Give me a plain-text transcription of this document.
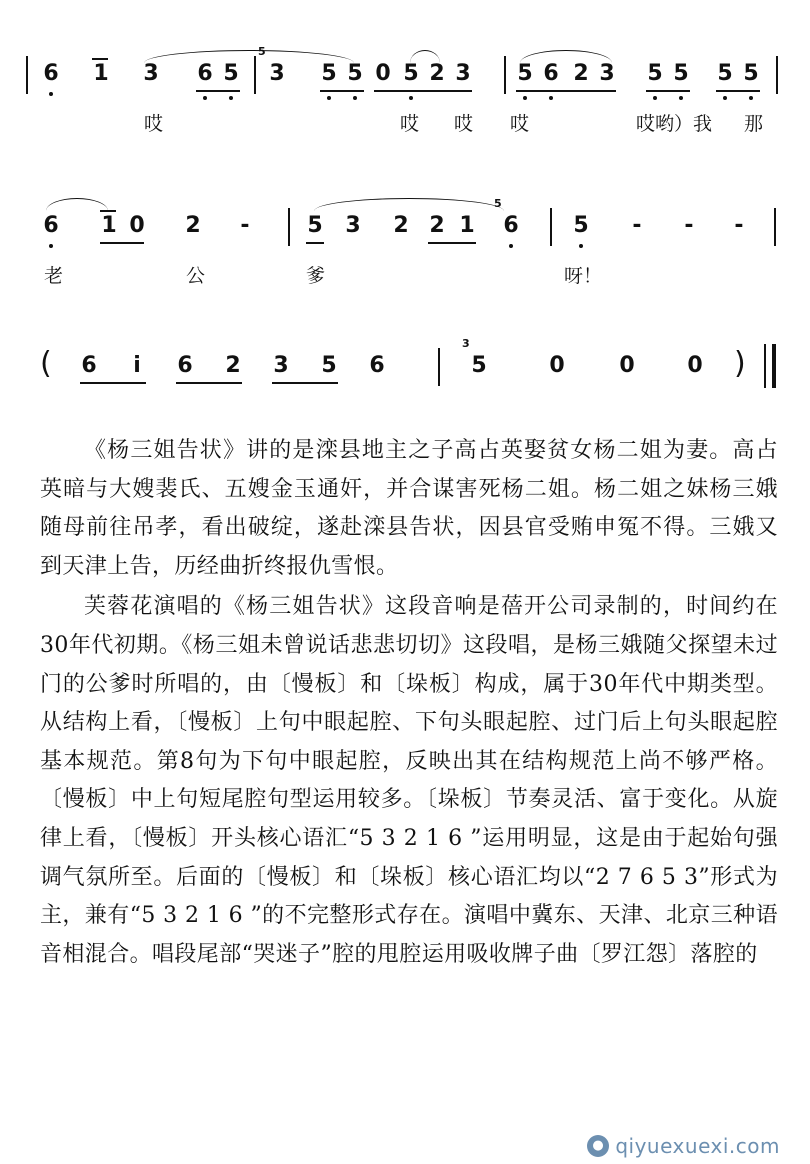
6 1 3 6 5
5
3 5 5 0 5 2 3 5 6 2 3 5 5 5 5
哎	哎 哎 哎	哎哟）我 那
6 1 0 2 -	5 3 2 2 1
5
6 5 - - -
老	公	爹	呀！
( 6 i 6 2 3 5 6
3
5	0 0 0 )

《杨三姐告状》讲的是滦县地主之子高占英娶贫女杨二姐为妻。高占英暗与大嫂裴氏、五嫂金玉通奸，并合谋害死杨二姐。杨二姐之妹杨三娥随母前往吊孝，看出破绽，遂赴滦县告状，因县官受贿申冤不得。三娥又到天津上告，历经曲折终报仇雪恨。

芙蓉花演唱的《杨三姐告状》这段音响是蓓开公司录制的，时间约在30年代初期。《杨三姐未曾说话悲悲切切》这段唱，是杨三娥随父探望未过门的公爹时所唱的，由〔慢板〕和〔垛板〕构成，属于30年代中期类型。从结构上看，〔慢板〕上句中眼起腔、下句头眼起腔、过门后上句头眼起腔基本规范。第8句为下句中眼起腔，反映出其在结构规范上尚不够严格。〔慢板〕中上句短尾腔句型运用较多。〔垛板〕节奏灵活、富于变化。从旋律上看，〔慢板〕开头核心语汇“5 3 2 1 6 ”运用明显，这是由于起始句强调气氛所至。后面的〔慢板〕和〔垛板〕核心语汇均以“2 7 6 5 3”形式为主，兼有“5 3 2 1 6 ”的不完整形式存在。演唱中冀东、天津、北京三种语音相混合。唱段尾部“哭迷子”腔的甩腔运用吸收牌子曲〔罗江怨〕落腔的

● qiyuexuexi.com
